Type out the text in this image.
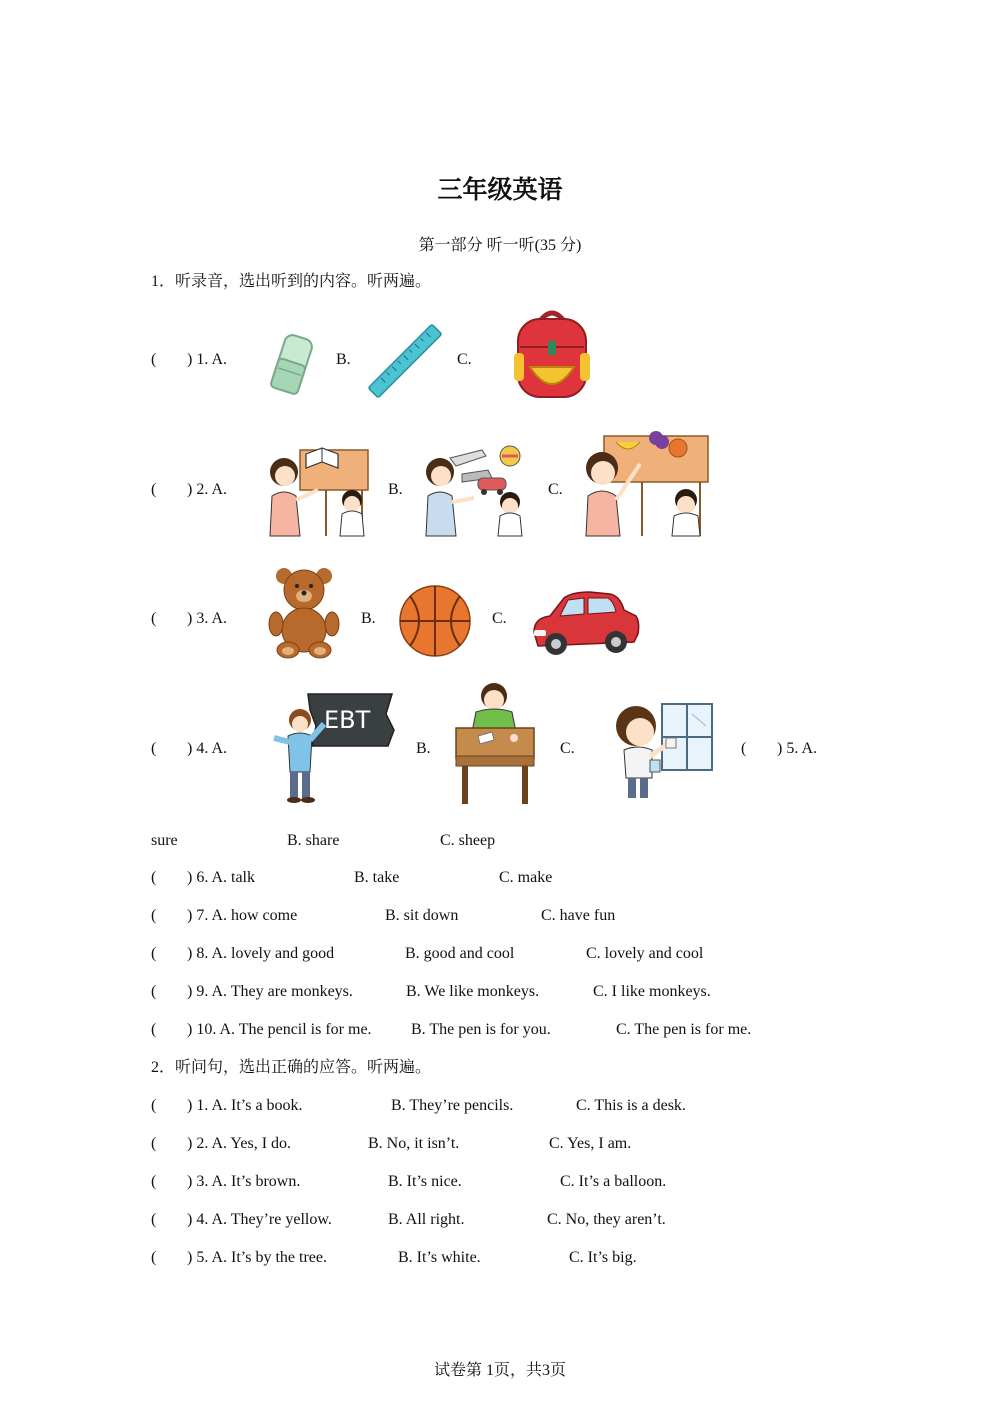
三年级英语
第一部分 听一听(35 分)
1．听录音，选出听到的内容。听两遍。
( ) 1. A.	B.	C.
( ) 2. A.	B.	C.
( ) 3. A.	B.	C.
( ) 4. A.	B.	C.	( ) 5. A.
EBT
sure	B. share	C. sheep
( ) 6. A. talk	B. take	C. make
( ) 7. A. how come	B. sit down	C. have fun
( ) 8. A. lovely and good	B. good and cool	C. lovely and cool
( ) 9. A. They are monkeys.	B. We like monkeys.	C. I like monkeys.
( ) 10. A. The pencil is for me. B. The pen is for you.	C. The pen is for me.
2．听问句，选出正确的应答。听两遍。
( ) 1. A. It’s a book.	B. They’re pencils.	C. This is a desk.
( ) 2. A. Yes, I do.	B. No, it isn’t.	C. Yes, I am.
( ) 3. A. It’s brown.	B. It’s nice.	C. It’s a balloon.
( ) 4. A. They’re yellow.	B. All right.	C. No, they aren’t.
( ) 5. A. It’s by the tree.	B. It’s white.	C. It’s big.
试卷第 1页，共3页
